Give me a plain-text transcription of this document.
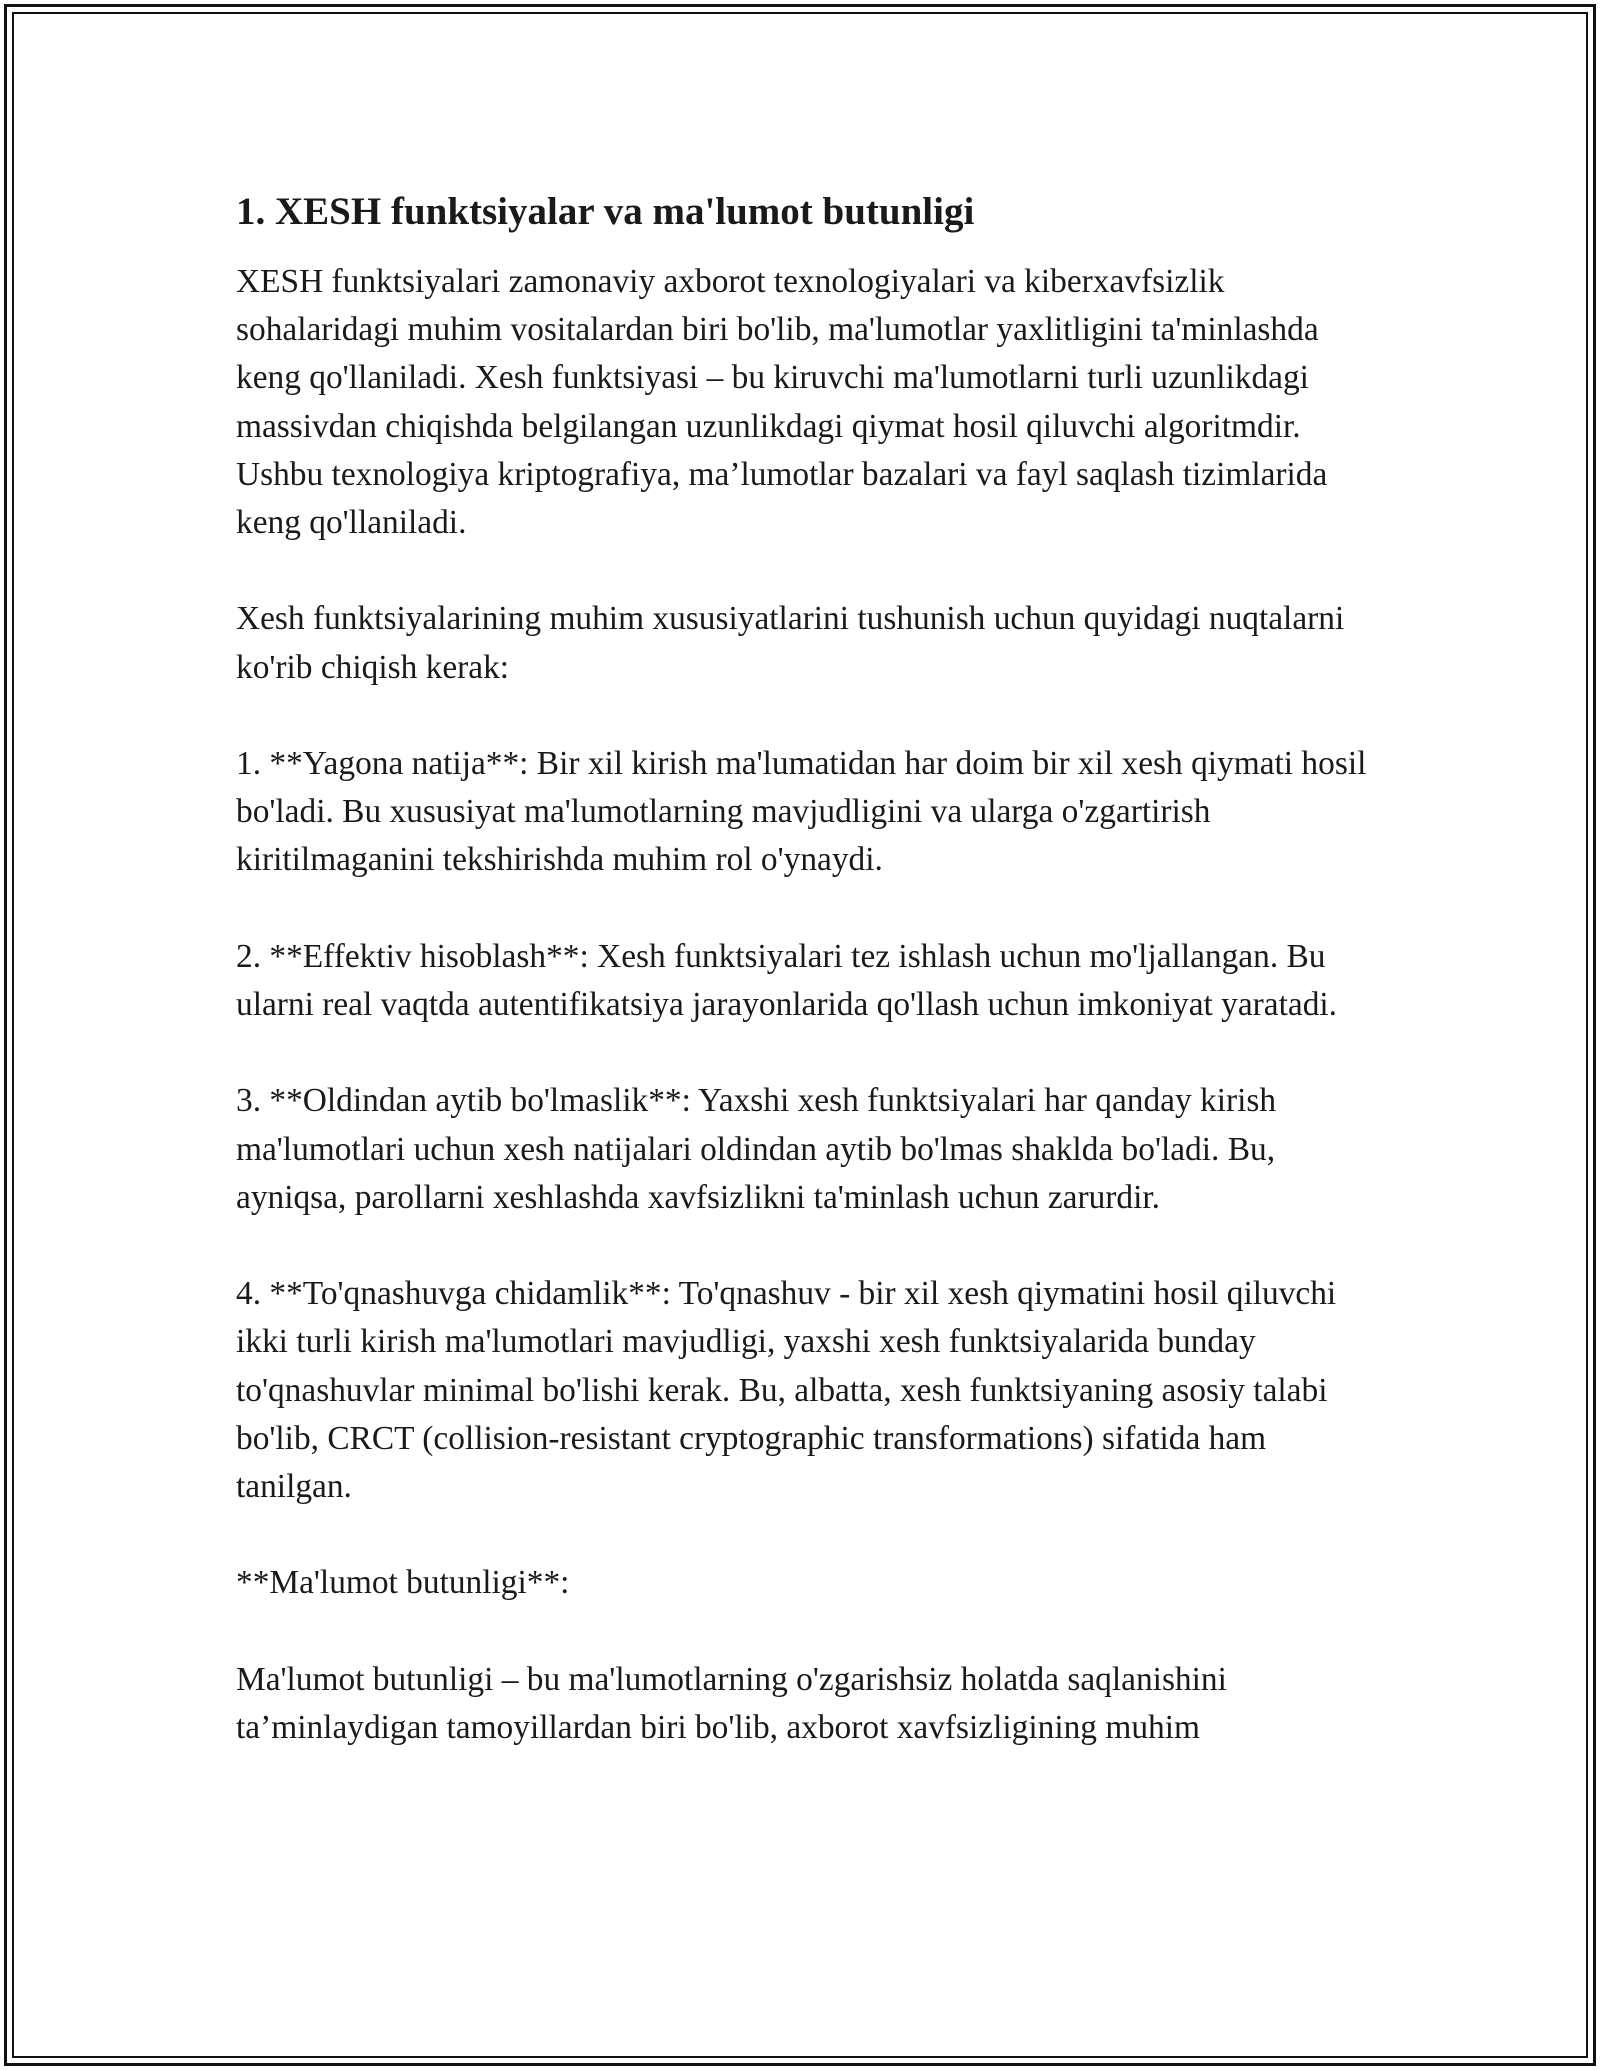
1. XESH funktsiyalar va ma'lumot butunligi

XESH funktsiyalari zamonaviy axborot texnologiyalari va kiberxavfsizlik sohalaridagi muhim vositalardan biri bo'lib, ma'lumotlar yaxlitligini ta'minlashda keng qo'llaniladi. Xesh funktsiyasi – bu kiruvchi ma'lumotlarni turli uzunlikdagi massivdan chiqishda belgilangan uzunlikdagi qiymat hosil qiluvchi algoritmdir. Ushbu texnologiya kriptografiya, ma’lumotlar bazalari va fayl saqlash tizimlarida keng qo'llaniladi.

Xesh funktsiyalarining muhim xususiyatlarini tushunish uchun quyidagi nuqtalarni ko'rib chiqish kerak:

1. **Yagona natija**: Bir xil kirish ma'lumatidan har doim bir xil xesh qiymati hosil bo'ladi. Bu xususiyat ma'lumotlarning mavjudligini va ularga o'zgartirish kiritilmaganini tekshirishda muhim rol o'ynaydi.

2. **Effektiv hisoblash**: Xesh funktsiyalari tez ishlash uchun mo'ljallangan. Bu ularni real vaqtda autentifikatsiya jarayonlarida qo'llash uchun imkoniyat yaratadi.

3. **Oldindan aytib bo'lmaslik**: Yaxshi xesh funktsiyalari har qanday kirish ma'lumotlari uchun xesh natijalari oldindan aytib bo'lmas shaklda bo'ladi. Bu, ayniqsa, parollarni xeshlashda xavfsizlikni ta'minlash uchun zarurdir.

4. **To'qnashuvga chidamlik**: To'qnashuv - bir xil xesh qiymatini hosil qiluvchi ikki turli kirish ma'lumotlari mavjudligi, yaxshi xesh funktsiyalarida bunday to'qnashuvlar minimal bo'lishi kerak. Bu, albatta, xesh funktsiyaning asosiy talabi bo'lib, CRCT (collision-resistant cryptographic transformations) sifatida ham tanilgan.

**Ma'lumot butunligi**:

Ma'lumot butunligi – bu ma'lumotlarning o'zgarishsiz holatda saqlanishini ta’minlaydigan tamoyillardan biri bo'lib, axborot xavfsizligining muhim
